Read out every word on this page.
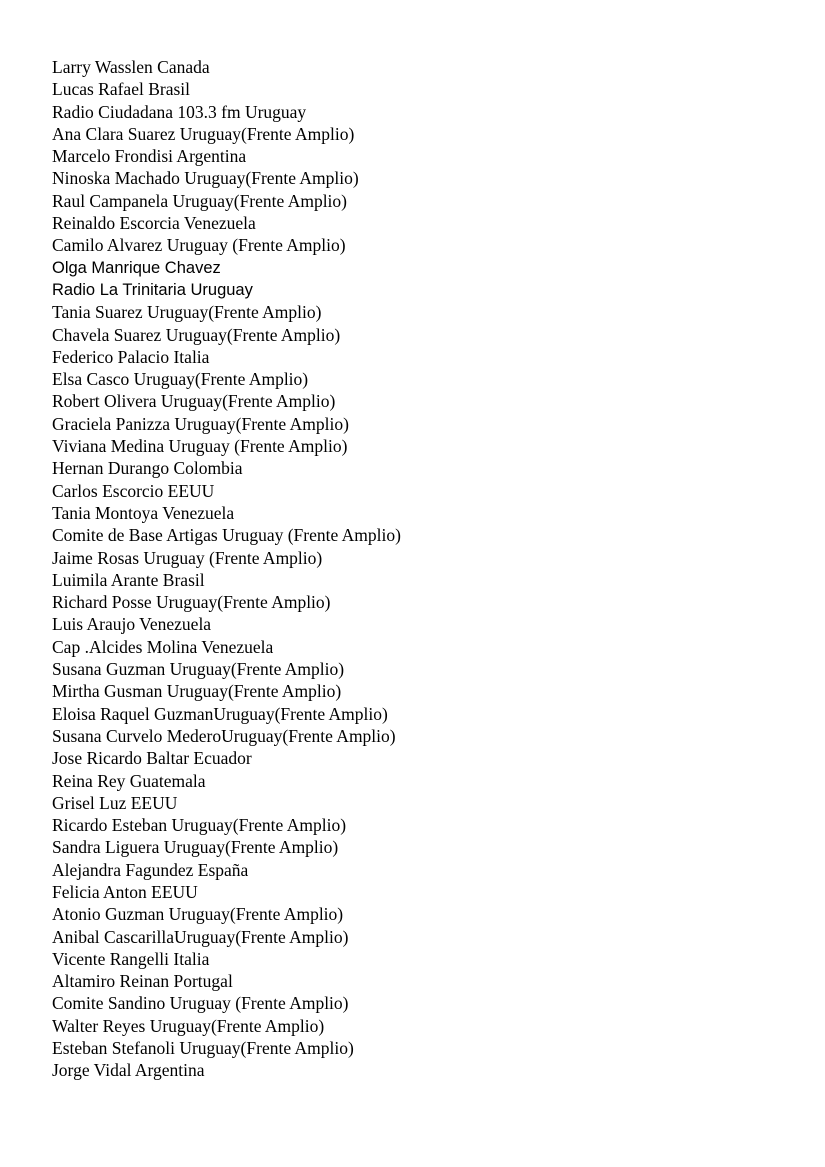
Larry Wasslen Canada
Lucas Rafael Brasil
Radio Ciudadana 103.3 fm Uruguay
Ana Clara Suarez Uruguay(Frente Amplio)
Marcelo Frondisi Argentina
Ninoska Machado Uruguay(Frente Amplio)
Raul Campanela Uruguay(Frente Amplio)
Reinaldo Escorcia Venezuela
Camilo Alvarez Uruguay (Frente Amplio)
Olga Manrique Chavez
Radio La Trinitaria Uruguay
Tania Suarez Uruguay(Frente Amplio)
Chavela Suarez Uruguay(Frente Amplio)
Federico Palacio Italia
Elsa Casco Uruguay(Frente Amplio)
Robert Olivera Uruguay(Frente Amplio)
Graciela Panizza Uruguay(Frente Amplio)
Viviana Medina Uruguay (Frente Amplio)
Hernan Durango Colombia
Carlos Escorcio EEUU
Tania Montoya Venezuela
Comite de Base Artigas Uruguay (Frente Amplio)
Jaime Rosas Uruguay (Frente Amplio)
Luimila Arante Brasil
Richard Posse Uruguay(Frente Amplio)
Luis Araujo Venezuela
Cap .Alcides Molina Venezuela
Susana Guzman Uruguay(Frente Amplio)
Mirtha Gusman Uruguay(Frente Amplio)
Eloisa Raquel GuzmanUruguay(Frente Amplio)
Susana Curvelo MederoUruguay(Frente Amplio)
Jose Ricardo Baltar Ecuador
Reina Rey Guatemala
Grisel Luz EEUU
Ricardo Esteban Uruguay(Frente Amplio)
Sandra Liguera Uruguay(Frente Amplio)
Alejandra Fagundez España
Felicia Anton EEUU
Atonio Guzman Uruguay(Frente Amplio)
Anibal CascarillaUruguay(Frente Amplio)
Vicente Rangelli Italia
Altamiro Reinan Portugal
Comite Sandino Uruguay (Frente Amplio)
Walter Reyes Uruguay(Frente Amplio)
Esteban Stefanoli Uruguay(Frente Amplio)
Jorge Vidal Argentina
